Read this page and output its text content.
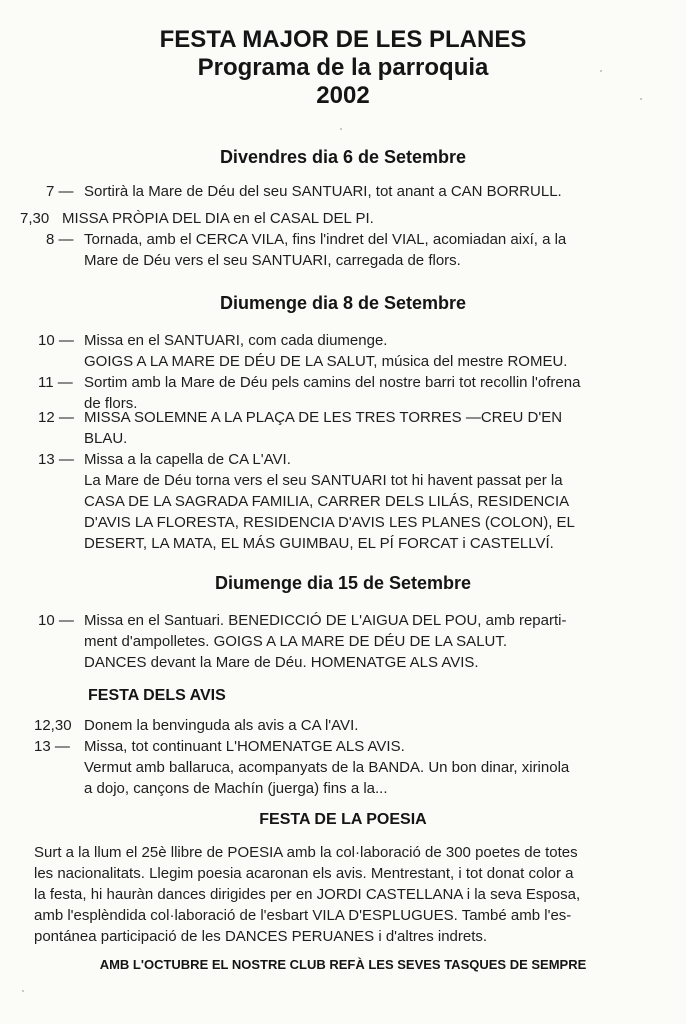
FESTA MAJOR DE LES PLANES
Programa de la parroquia
2002
Divendres dia 6 de Setembre
7 — Sortirà la Mare de Déu del seu SANTUARI, tot anant a CAN BORRULL.
7,30 MISSA PRÒPIA DEL DIA en el CASAL DEL PI.
8 — Tornada, amb el CERCA VILA, fins l'indret del VIAL, acomiadan així, a la
Mare de Déu vers el seu SANTUARI, carregada de flors.
Diumenge dia 8 de Setembre
10 — Missa en el SANTUARI, com cada diumenge.
GOIGS A LA MARE DE DÉU DE LA SALUT, música del mestre ROMEU.
11 — Sortim amb la Mare de Déu pels camins del nostre barri tot recollin l'ofrena
de flors.
12 — MISSA SOLEMNE A LA PLAÇA DE LES TRES TORRES —CREU D'EN
BLAU.
13 — Missa a la capella de CA L'AVI.
La Mare de Déu torna vers el seu SANTUARI tot hi havent passat per la
CASA DE LA SAGRADA FAMILIA, CARRER DELS LILÁS, RESIDENCIA
D'AVIS LA FLORESTA, RESIDENCIA D'AVIS LES PLANES (COLON), EL
DESERT, LA MATA, EL MÁS GUIMBAU, EL PÍ FORCAT i CASTELLVÍ.
Diumenge dia 15 de Setembre
10 — Missa en el Santuari. BENEDICCIÓ DE L'AIGUA DEL POU, amb reparti-
ment d'ampolletes. GOIGS A LA MARE DE DÉU DE LA SALUT.
DANCES devant la Mare de Déu. HOMENATGE ALS AVIS.
FESTA DELS AVIS
12,30 Donem la benvinguda als avis a CA l'AVI.
13 — Missa, tot continuant L'HOMENATGE ALS AVIS.
Vermut amb ballaruca, acompanyats de la BANDA. Un bon dinar, xirinola
a dojo, cançons de Machín (juerga) fins a la...
FESTA DE LA POESIA
Surt a la llum el 25è llibre de POESIA amb la col·laboració de 300 poetes de totes
les nacionalitats. Llegim poesia acaronan els avis. Mentrestant, i tot donat color a
la festa, hi hauràn dances dirigides per en JORDI CASTELLANA i la seva Esposa,
amb l'esplèndida col·laboració de l'esbart VILA D'ESPLUGUES. També amb l'es-
pontánea participació de les DANCES PERUANES i d'altres indrets.
AMB L'OCTUBRE EL NOSTRE CLUB REFÀ LES SEVES TASQUES DE SEMPRE
